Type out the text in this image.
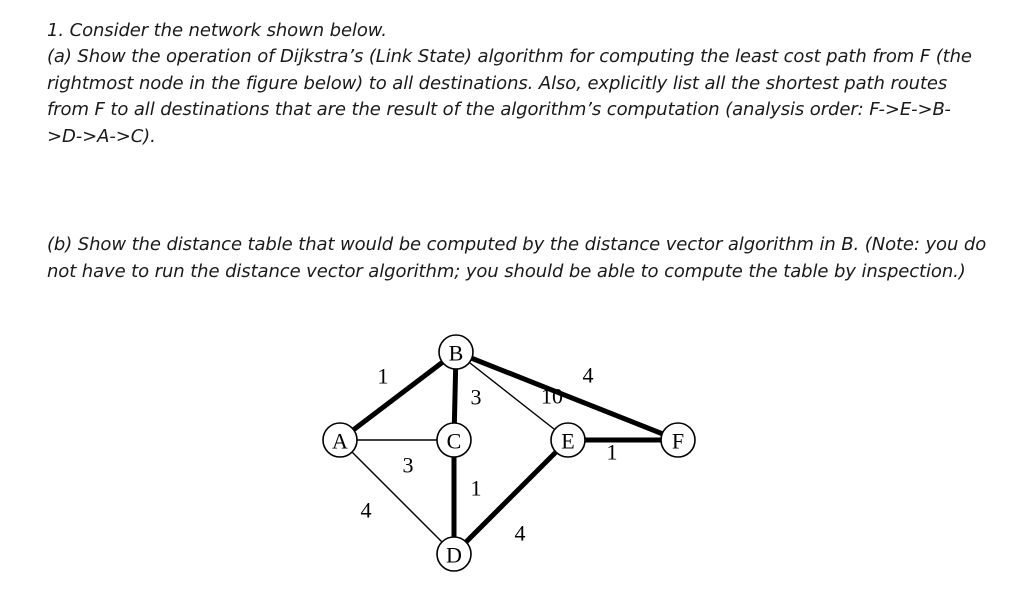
1. Consider the network shown below.

(a) Show the operation of Dijkstra’s (Link State) algorithm for computing the least cost path from F (the rightmost node in the figure below) to all destinations. Also, explicitly list all the shortest path routes from F to all destinations that are the result of the algorithm’s computation (analysis order: F->E->B->D->A->C).

(b) Show the distance table that would be computed by the distance vector algorithm in B. (Note: you do not have to run the distance vector algorithm; you should be able to compute the table by inspection.)

1
3
4
3	10
4
1
4
1
A
B
C
D
E	F
